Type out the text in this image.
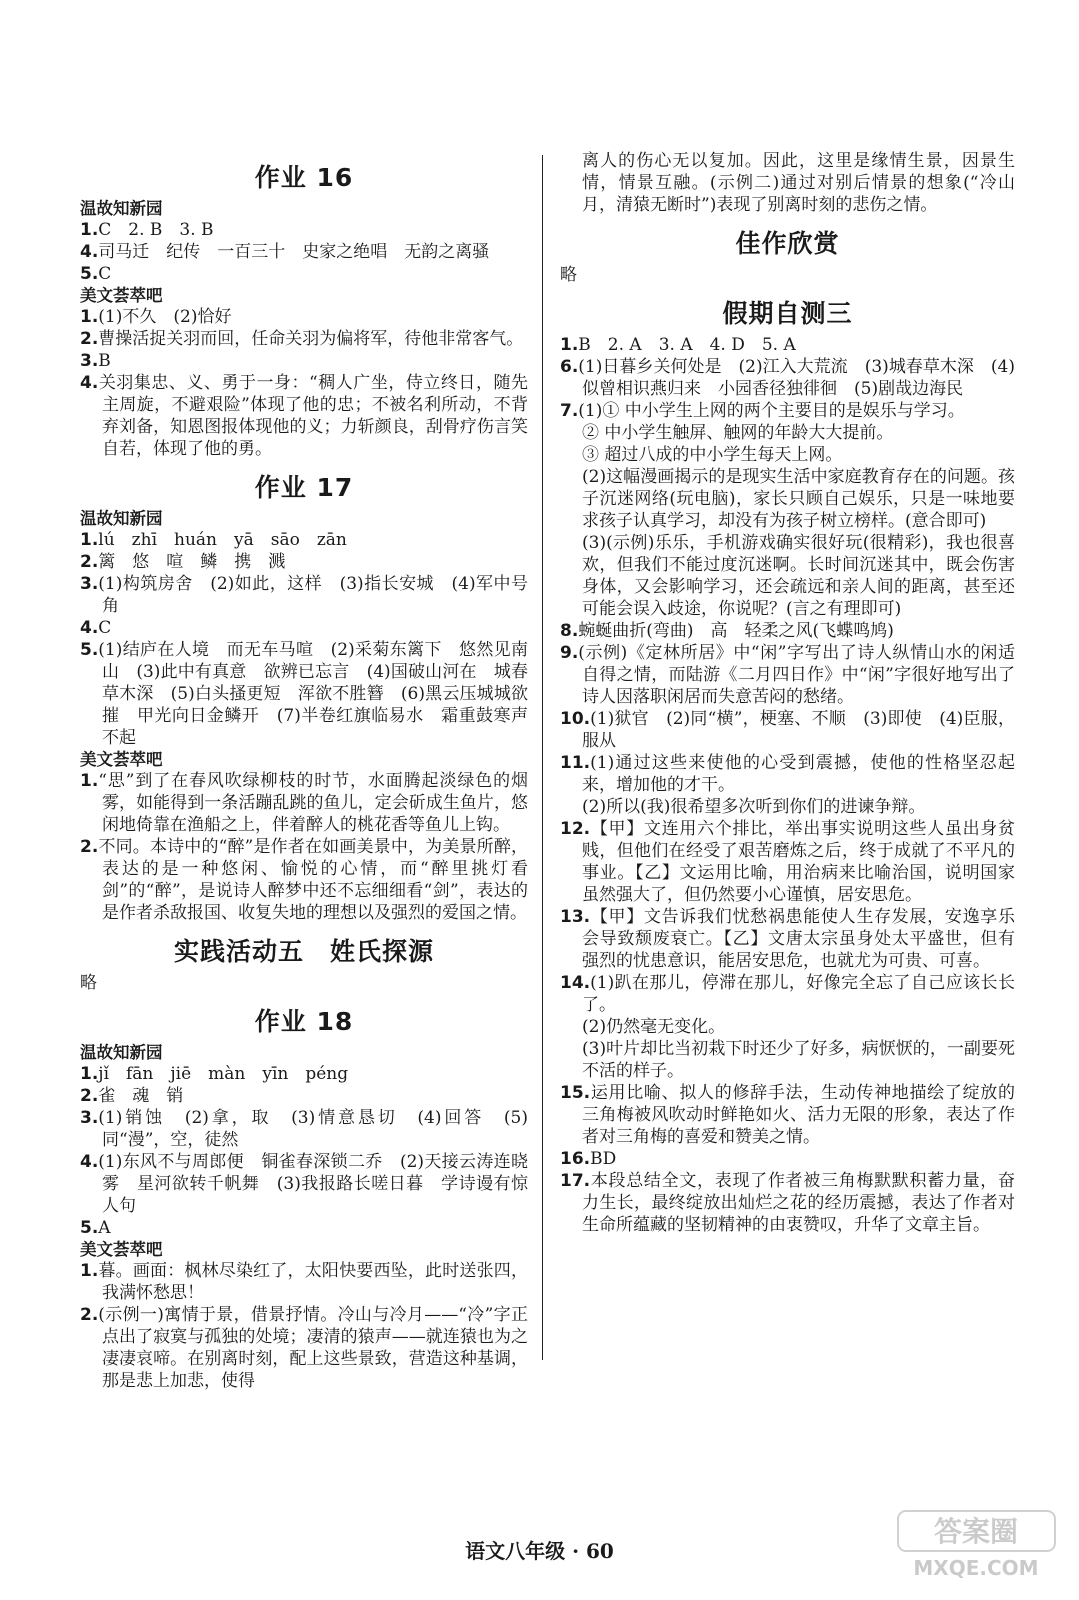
作业 16
温故知新园

1.C　2. B　3. B

4.司马迁　纪传　一百三十　史家之绝唱　无韵之离骚

5.C

美文荟萃吧

1.(1)不久　(2)恰好

2.曹操活捉关羽而回，任命关羽为偏将军，待他非常客气。

3.B

4.关羽集忠、义、勇于一身：“稠人广坐，侍立终日，随先主周旋，不避艰险”体现了他的忠；不被名利所动，不背弃刘备，知恩图报体现他的义；力斩颜良，刮骨疗伤言笑自若，体现了他的勇。

作业 17
温故知新园

1.lú　zhī　huán　yā　sāo　zān

2.篱　悠　喧　鳞　携　溅

3.(1)构筑房舍　(2)如此，这样　(3)指长安城　(4)军中号角

4.C

5.(1)结庐在人境　而无车马喧　(2)采菊东篱下　悠然见南山　(3)此中有真意　欲辨已忘言　(4)国破山河在　城春草木深　(5)白头搔更短　浑欲不胜簪　(6)黑云压城城欲摧　甲光向日金鳞开　(7)半卷红旗临易水　霜重鼓寒声不起

美文荟萃吧

1.“思”到了在春风吹绿柳枝的时节，水面腾起淡绿色的烟雾，如能得到一条活蹦乱跳的鱼儿，定会斫成生鱼片，悠闲地倚靠在渔船之上，伴着醉人的桃花香等鱼儿上钩。

2.不同。本诗中的“醉”是作者在如画美景中，为美景所醉，表达的是一种悠闲、愉悦的心情，而“醉里挑灯看剑”的“醉”，是说诗人醉梦中还不忘细细看“剑”，表达的是作者杀敌报国、收复失地的理想以及强烈的爱国之情。

实践活动五　姓氏探源

略

作业 18
温故知新园

1.jǐ　fān　jiē　màn　yīn　péng

2.雀　魂　销

3.(1)销蚀　(2)拿，取　(3)情意恳切　(4)回答　(5)同“漫”，空，徒然

4.(1)东风不与周郎便　铜雀春深锁二乔　(2)天接云涛连晓雾　星河欲转千帆舞　(3)我报路长嗟日暮　学诗谩有惊人句

5.A

美文荟萃吧

1.暮。画面：枫林尽染红了，太阳快要西坠，此时送张四，我满怀愁思！

2.(示例一)寓情于景，借景抒情。冷山与冷月——“冷”字正点出了寂寞与孤独的处境；凄清的猿声——就连猿也为之凄凄哀啼。在别离时刻，配上这些景致，营造这种基调，那是悲上加悲，使得

离人的伤心无以复加。因此，这里是缘情生景，因景生情，情景互融。(示例二)通过对别后情景的想象(“冷山月，清猿无断时”)表现了别离时刻的悲伤之情。

佳作欣赏

略

假期自测三

1.B　2. A　3. A　4. D　5. A

6.(1)日暮乡关何处是　(2)江入大荒流　(3)城春草木深　(4)似曾相识燕归来　小园香径独徘徊　(5)剧哉边海民

7.(1)① 中小学生上网的两个主要目的是娱乐与学习。

② 中小学生触屏、触网的年龄大大提前。

③ 超过八成的中小学生每天上网。

(2)这幅漫画揭示的是现实生活中家庭教育存在的问题。孩子沉迷网络(玩电脑)，家长只顾自己娱乐，只是一味地要求孩子认真学习，却没有为孩子树立榜样。(意合即可)

(3)(示例)乐乐，手机游戏确实很好玩(很精彩)，我也很喜欢，但我们不能过度沉迷啊。长时间沉迷其中，既会伤害身体，又会影响学习，还会疏远和亲人间的距离，甚至还可能会误入歧途，你说呢？(言之有理即可)

8.蜿蜒曲折(弯曲)　高　轻柔之风(飞蝶鸣鸠)

9.(示例)《定林所居》中“闲”字写出了诗人纵情山水的闲适自得之情，而陆游《二月四日作》中“闲”字很好地写出了诗人因落职闲居而失意苦闷的愁绪。

10.(1)狱官　(2)同“横”，梗塞、不顺　(3)即使　(4)臣服，服从

11.(1)通过这些来使他的心受到震撼，使他的性格坚忍起来，增加他的才干。

(2)所以(我)很希望多次听到你们的进谏争辩。

12.【甲】文连用六个排比，举出事实说明这些人虽出身贫贱，但他们在经受了艰苦磨炼之后，终于成就了不平凡的事业。【乙】文运用比喻，用治病来比喻治国，说明国家虽然强大了，但仍然要小心谨慎，居安思危。

13.【甲】文告诉我们忧愁祸患能使人生存发展，安逸享乐会导致颓废衰亡。【乙】文唐太宗虽身处太平盛世，但有强烈的忧患意识，能居安思危，也就尤为可贵、可喜。

14.(1)趴在那儿，停滞在那儿，好像完全忘了自己应该长长了。

(2)仍然毫无变化。

(3)叶片却比当初栽下时还少了好多，病恹恹的，一副要死不活的样子。

15.运用比喻、拟人的修辞手法，生动传神地描绘了绽放的三角梅被风吹动时鲜艳如火、活力无限的形象，表达了作者对三角梅的喜爱和赞美之情。

16.BD

17.本段总结全文，表现了作者被三角梅默默积蓄力量，奋力生长，最终绽放出灿烂之花的经历震撼，表达了作者对生命所蕴藏的坚韧精神的由衷赞叹，升华了文章主旨。

语文八年级 · 60
答案圈
MXQE.COM
